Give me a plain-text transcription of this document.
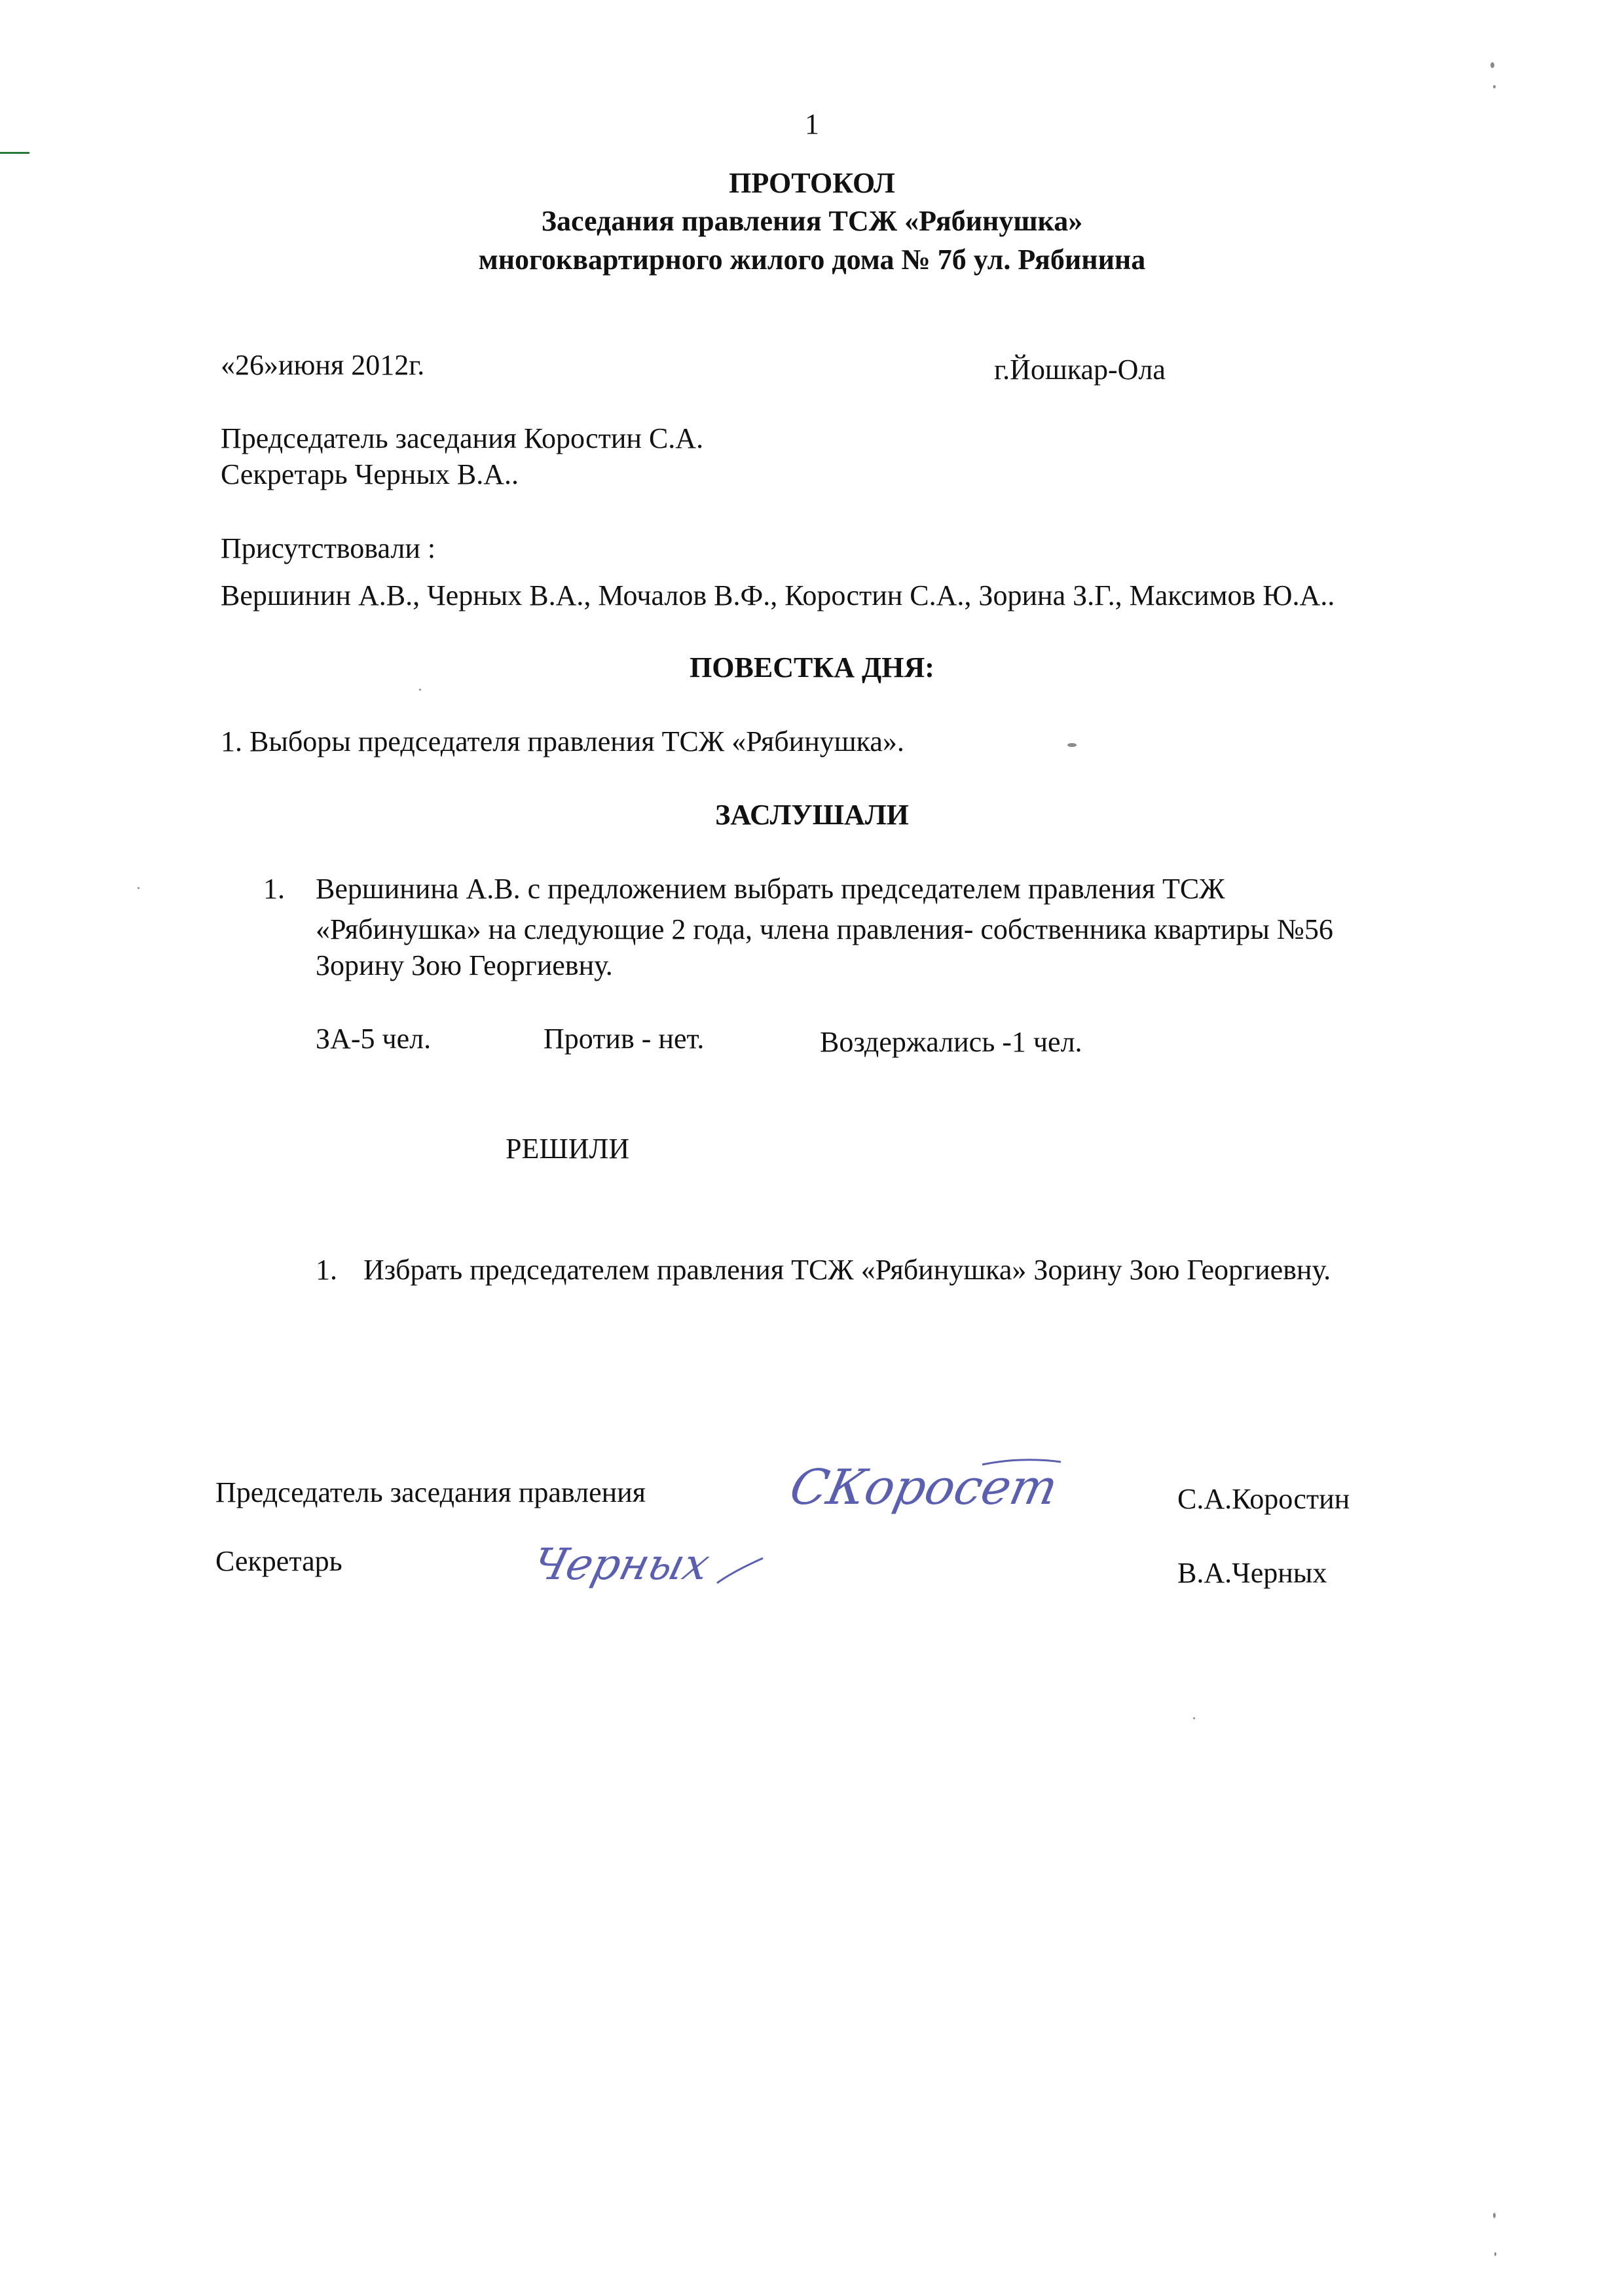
1
ПРОТОКОЛ
Заседания правления ТСЖ «Рябинушка»
многоквартирного жилого дома № 7б ул. Рябинина
«26»июня 2012г.	г.Йошкар-Ола
Председатель заседания Коростин С.А.
Секретарь Черных В.А..
Присутствовали :
Вершинин А.В., Черных В.А., Мочалов В.Ф., Коростин С.А., Зорина З.Г., Максимов Ю.А..
ПОВЕСТКА ДНЯ:
1. Выборы председателя правления ТСЖ «Рябинушка».
ЗАСЛУШАЛИ
1. Вершинина А.В. с предложением выбрать председателем правления ТСЖ
«Рябинушка» на следующие 2 года, члена правления- собственника квартиры №56
Зорину Зою Георгиевну.
ЗА-5 чел.	Против - нет.	Воздержались -1 чел.
РЕШИЛИ
1. Избрать председателем правления ТСЖ «Рябинушка» Зорину Зою Георгиевну.
Председатель заседания правления	С.А.Коростин
СКоросет
Секретарь	В.А.Черных
Черных
